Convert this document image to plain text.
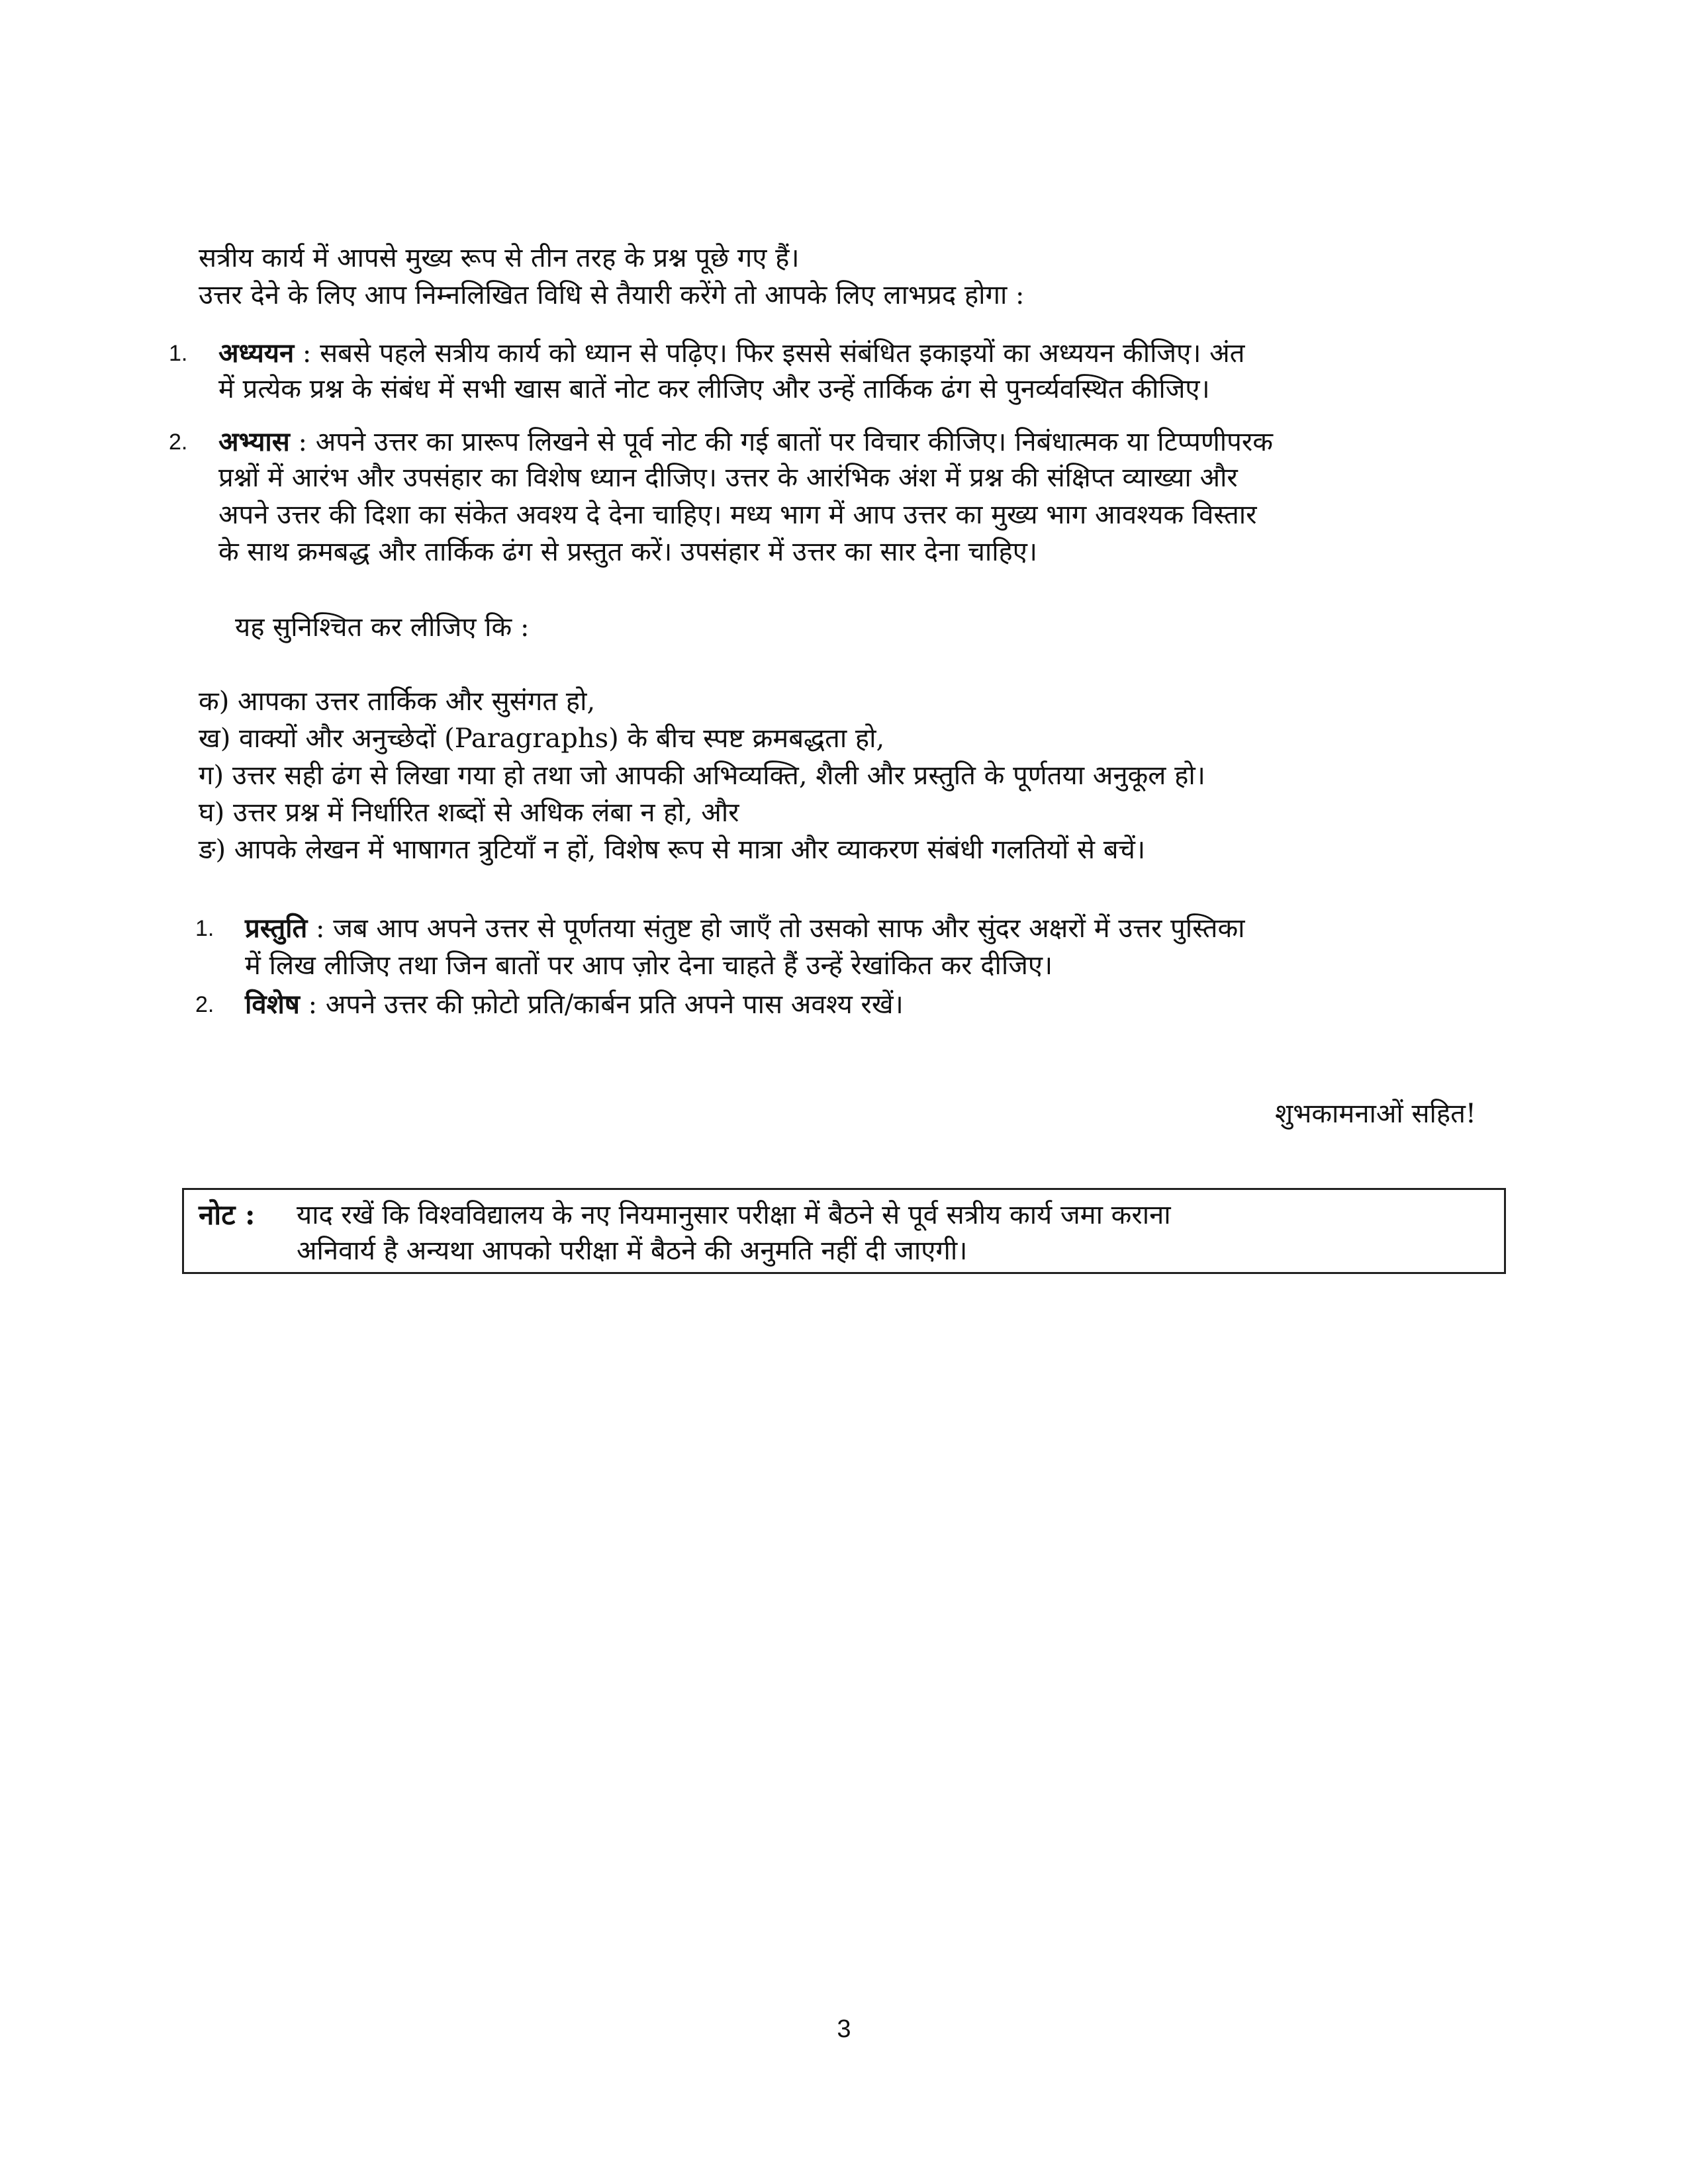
सत्रीय कार्य में आपसे मुख्य रूप से तीन तरह के प्रश्न पूछे गए हैं।
उत्तर देने के लिए आप निम्नलिखित विधि से तैयारी करेंगे तो आपके लिए लाभप्रद होगा :
1. अध्ययन : सबसे पहले सत्रीय कार्य को ध्यान से पढ़िए। फिर इससे संबंधित इकाइयों का अध्ययन कीजिए। अंत
में प्रत्येक प्रश्न के संबंध में सभी खास बातें नोट कर लीजिए और उन्हें तार्किक ढंग से पुनर्व्यवस्थित कीजिए।
2. अभ्यास : अपने उत्तर का प्रारूप लिखने से पूर्व नोट की गई बातों पर विचार कीजिए। निबंधात्मक या टिप्पणीपरक
प्रश्नों में आरंभ और उपसंहार का विशेष ध्यान दीजिए। उत्तर के आरंभिक अंश में प्रश्न की संक्षिप्त व्याख्या और
अपने उत्तर की दिशा का संकेत अवश्य दे देना चाहिए। मध्य भाग में आप उत्तर का मुख्य भाग आवश्यक विस्तार
के साथ क्रमबद्ध और तार्किक ढंग से प्रस्तुत करें। उपसंहार में उत्तर का सार देना चाहिए।
यह सुनिश्चित कर लीजिए कि :
क) आपका उत्तर तार्किक और सुसंगत हो,
ख) वाक्यों और अनुच्छेदों (Paragraphs) के बीच स्पष्ट क्रमबद्धता हो,
ग) उत्तर सही ढंग से लिखा गया हो तथा जो आपकी अभिव्यक्ति, शैली और प्रस्तुति के पूर्णतया अनुकूल हो।
घ) उत्तर प्रश्न में निर्धारित शब्दों से अधिक लंबा न हो, और
ङ) आपके लेखन में भाषागत त्रुटियाँ न हों, विशेष रूप से मात्रा और व्याकरण संबंधी गलतियों से बचें।
1. प्रस्तुति : जब आप अपने उत्तर से पूर्णतया संतुष्ट हो जाएँ तो उसको साफ और सुंदर अक्षरों में उत्तर पुस्तिका
में लिख लीजिए तथा जिन बातों पर आप ज़ोर देना चाहते हैं उन्हें रेखांकित कर दीजिए।
2. विशेष : अपने उत्तर की फ़ोटो प्रति/कार्बन प्रति अपने पास अवश्य रखें।
शुभकामनाओं सहित!
नोट : याद रखें कि विश्वविद्यालय के नए नियमानुसार परीक्षा में बैठने से पूर्व सत्रीय कार्य जमा कराना
अनिवार्य है अन्यथा आपको परीक्षा में बैठने की अनुमति नहीं दी जाएगी।
3
